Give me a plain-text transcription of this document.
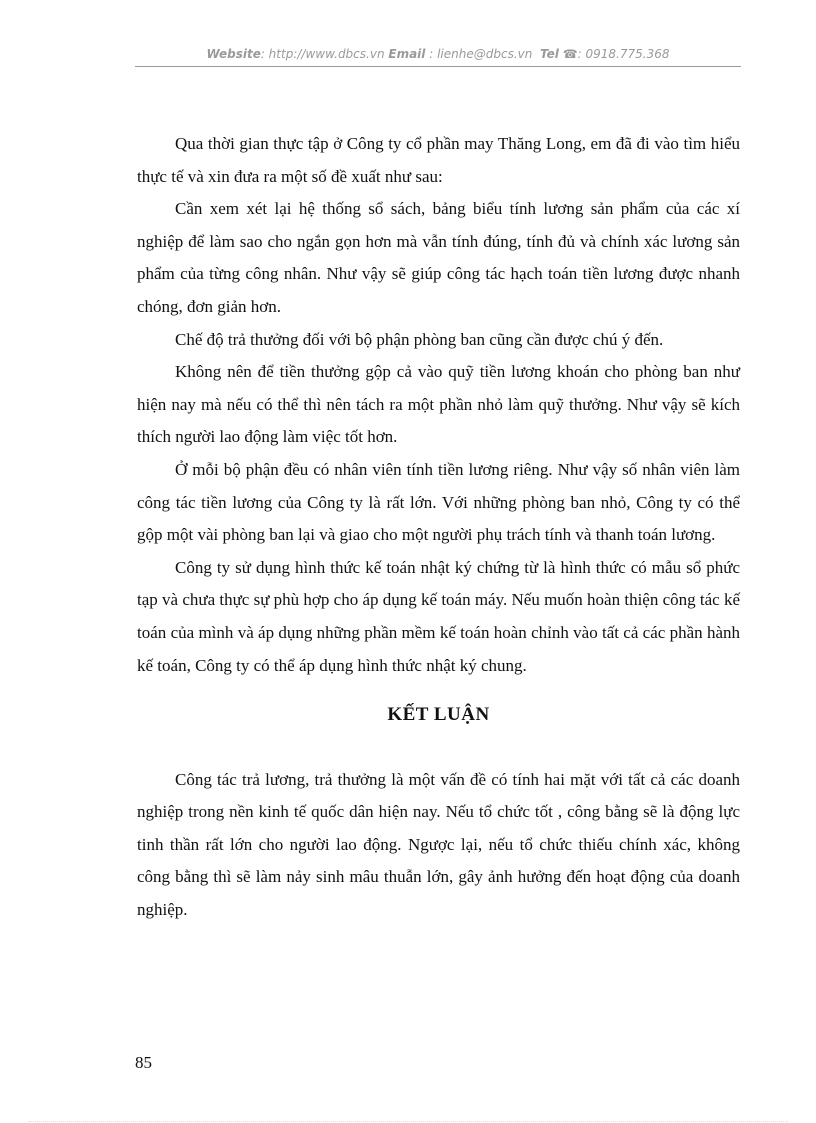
Website: http://www.dbcs.vn Email : lienhe@dbcs.vn Tel ☎: 0918.775.368

Qua thời gian thực tập ở Công ty cổ phần may Thăng Long, em đã đi vào tìm hiểu thực tế và xin đưa ra một số đề xuất như sau:

Cần xem xét lại hệ thống sổ sách, bảng biểu tính lương sản phẩm của các xí nghiệp để làm sao cho ngắn gọn hơn mà vẫn tính đúng, tính đủ và chính xác lương sản phẩm của từng công nhân. Như vậy sẽ giúp công tác hạch toán tiền lương được nhanh chóng, đơn giản hơn.

Chế độ trả thưởng đối với bộ phận phòng ban cũng cần được chú ý đến.

Không nên để tiền thưởng gộp cả vào quỹ tiền lương khoán cho phòng ban như hiện nay mà nếu có thể thì nên tách ra một phần nhỏ làm quỹ thưởng. Như vậy sẽ kích thích người lao động làm việc tốt hơn.

Ở mỗi bộ phận đều có nhân viên tính tiền lương riêng. Như vậy số nhân viên làm công tác tiền lương của Công ty là rất lớn. Với những phòng ban nhỏ, Công ty có thể gộp một vài phòng ban lại và giao cho một người phụ trách tính và thanh toán lương.

Công ty sử dụng hình thức kế toán nhật ký chứng từ là hình thức có mẫu sổ phức tạp và chưa thực sự phù hợp cho áp dụng kế toán máy. Nếu muốn hoàn thiện công tác kế toán của mình và áp dụng những phần mềm kế toán hoàn chỉnh vào tất cả các phần hành kế toán, Công ty có thể áp dụng hình thức nhật ký chung.

KẾT LUẬN

Công tác trả lương, trả thưởng là một vấn đề có tính hai mặt với tất cả các doanh nghiệp trong nền kinh tế quốc dân hiện nay. Nếu tổ chức tốt , công bằng sẽ là động lực tinh thần rất lớn cho người lao động. Ngược lại, nếu tổ chức thiếu chính xác, không công bằng thì sẽ làm nảy sinh mâu thuẫn lớn, gây ảnh hưởng đến hoạt động của doanh nghiệp.

85
